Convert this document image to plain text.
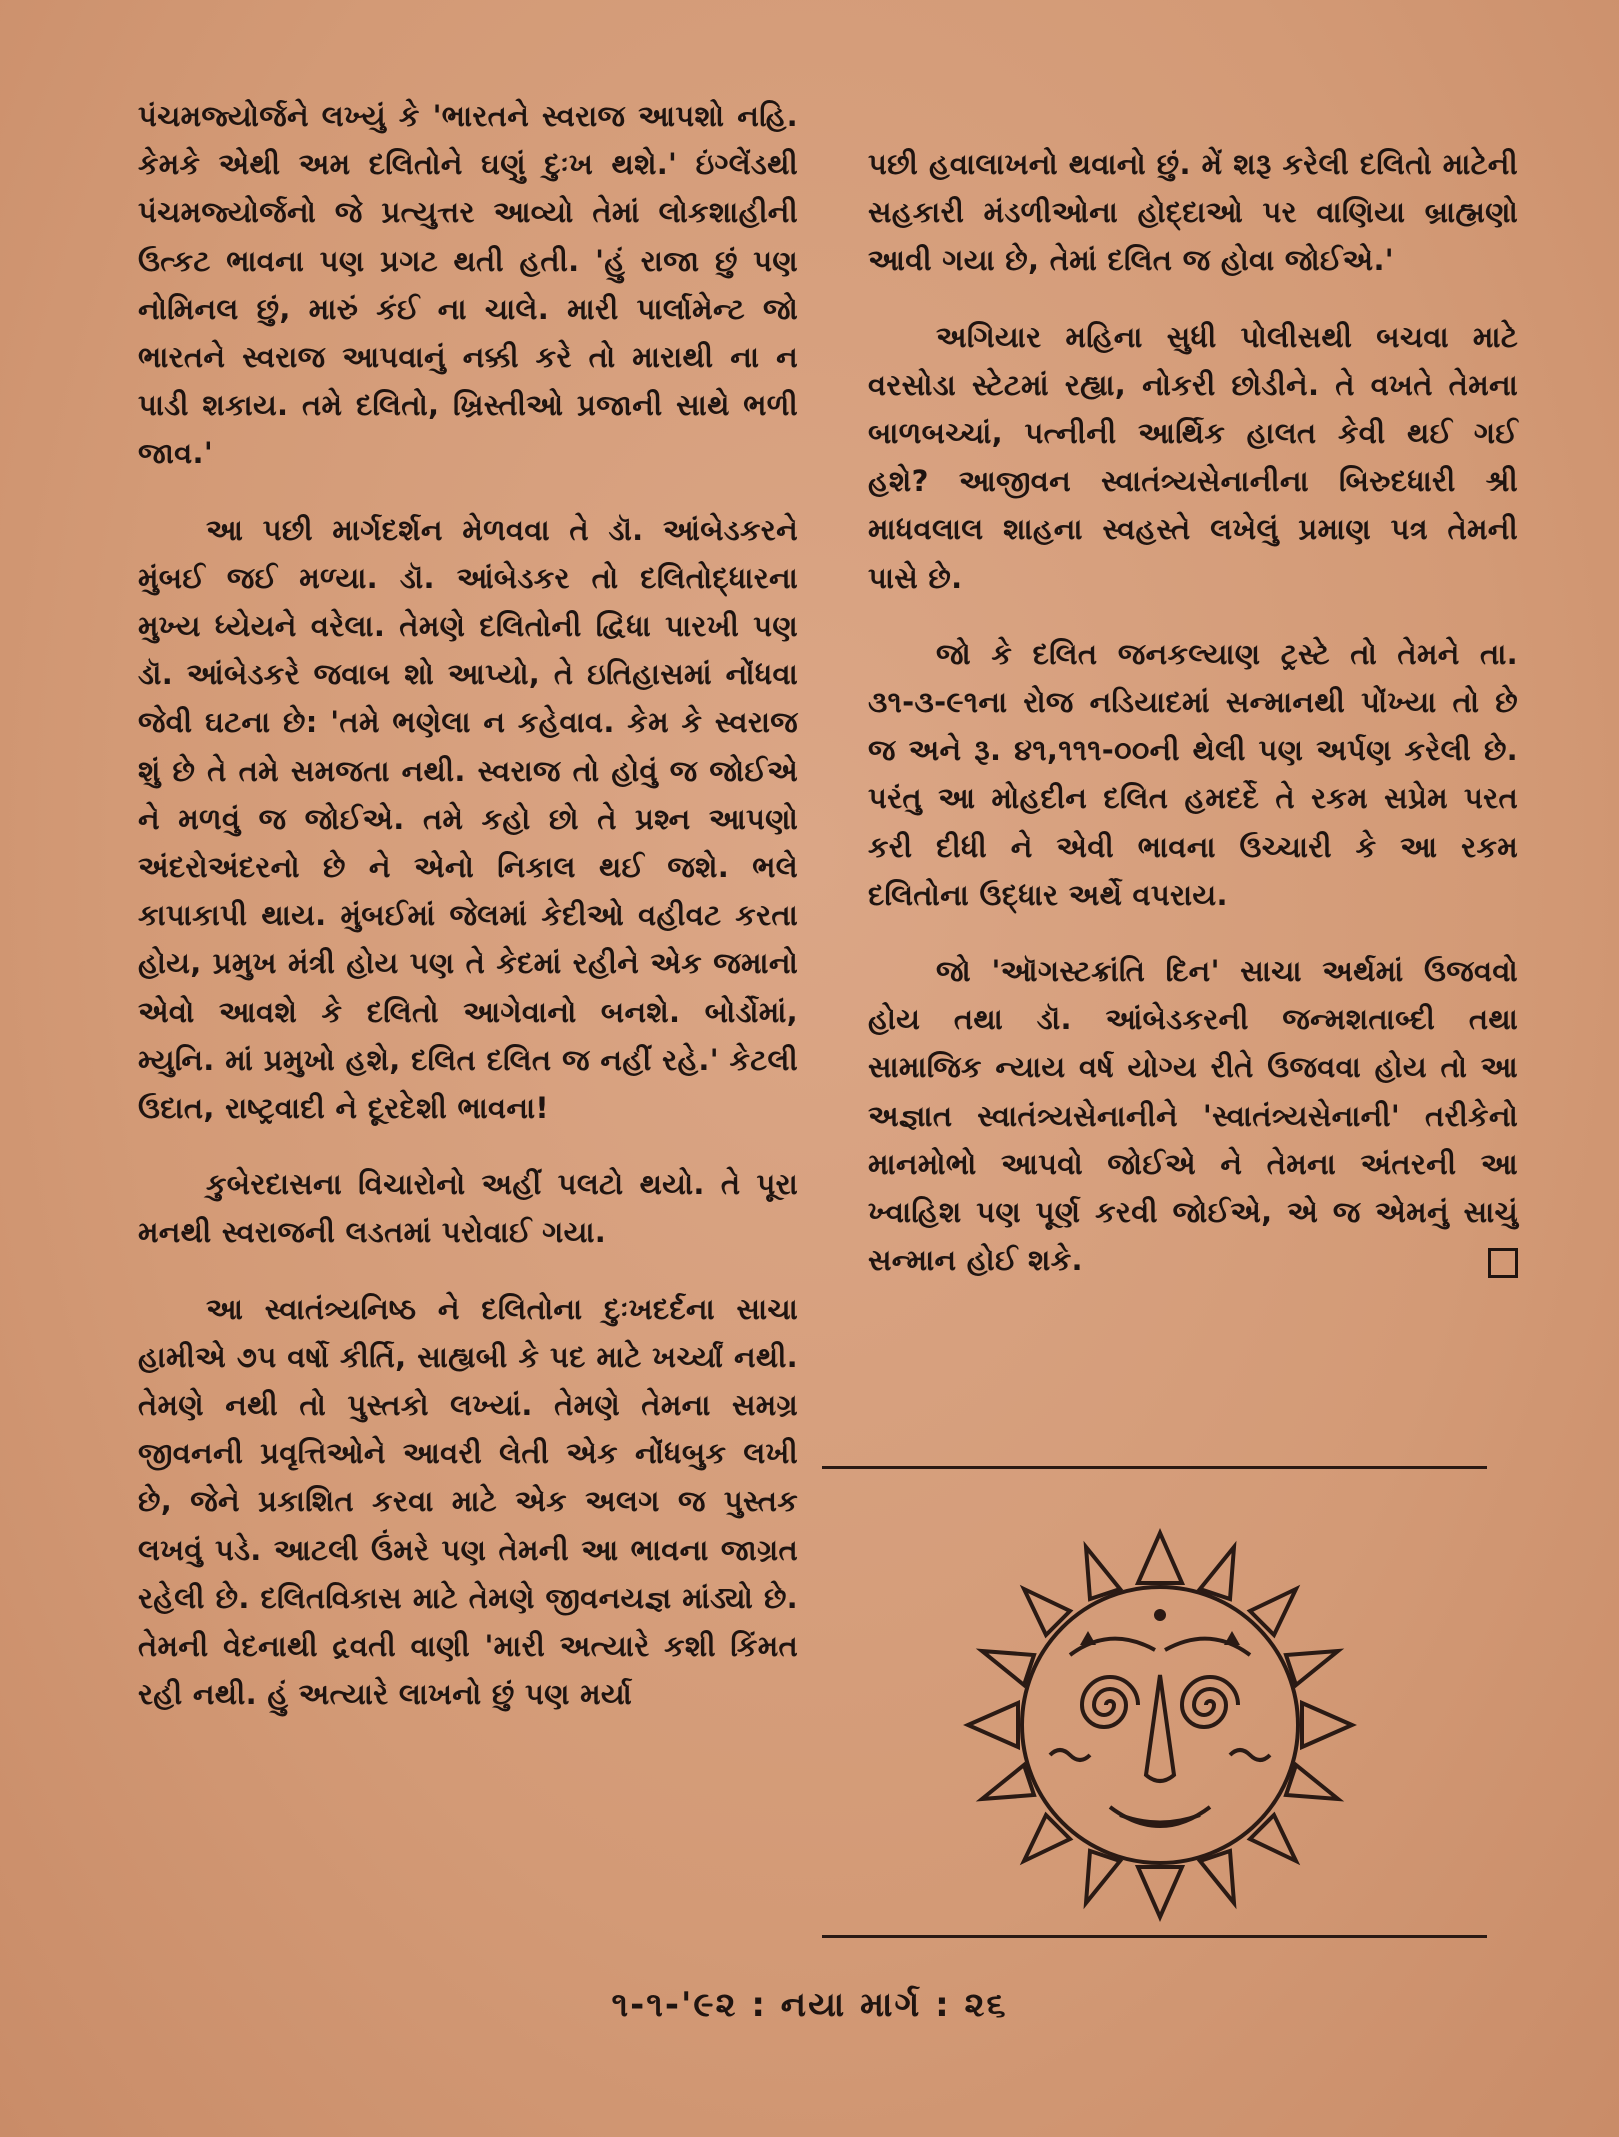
પંચમજ્યોર્જને લખ્યું કે 'ભારતને સ્વરાજ આપશો નહિ. કેમકે એથી અમ દલિતોને ઘણું દુઃખ થશે.' ઇંગ્લેંડથી પંચમજ્યોર્જનો જે પ્રત્યુત્તર આવ્યો તેમાં લોકશાહીની ઉત્કટ ભાવના પણ પ્રગટ થતી હતી. 'હું રાજા છું પણ નોમિનલ છું, મારું કંઈ ના ચાલે. મારી પાર્લામેન્ટ જો ભારતને સ્વરાજ આપવાનું નક્કી કરે તો મારાથી ના ન પાડી શકાય. તમે દલિતો, ખ્રિસ્તીઓ પ્રજાની સાથે ભળી જાવ.'

આ પછી માર્ગદર્શન મેળવવા તે ડૉ. આંબેડકરને મુંબઈ જઈ મળ્યા. ડૉ. આંબેડકર તો દલિતોદ્ધારના મુખ્ય ધ્યેયને વરેલા. તેમણે દલિતોની દ્વિધા પારખી પણ ડૉ. આંબેડકરે જવાબ શો આપ્યો, તે ઇતિહાસમાં નોંધવા જેવી ઘટના છે: 'તમે ભણેલા ન કહેવાવ. કેમ કે સ્વરાજ શું છે તે તમે સમજતા નથી. સ્વરાજ તો હોવું જ જોઈએ ને મળવું જ જોઈએ. તમે કહો છો તે પ્રશ્ન આપણો અંદરોઅંદરનો છે ને એનો નિકાલ થઈ જશે. ભલે કાપાકાપી થાય. મુંબઈમાં જેલમાં કેદીઓ વહીવટ કરતા હોય, પ્રમુખ મંત્રી હોય પણ તે કેદમાં રહીને એક જમાનો એવો આવશે કે દલિતો આગેવાનો બનશે. બોર્ડોમાં, મ્યુનિ. માં પ્રમુખો હશે, દલિત દલિત જ નહીં રહે.' કેટલી ઉદાત, રાષ્ટ્રવાદી ને દૂરદેશી ભાવના!

કુબેરદાસના વિચારોનો અહીં પલટો થયો. તે પૂરા મનથી સ્વરાજની લડતમાં પરોવાઈ ગયા.

આ સ્વાતંત્ર્યનિષ્ઠ ને દલિતોના દુઃખદર્દના સાચા હામીએ ૭૫ વર્ષો કીર્તિ, સાહ્યબી કે પદ માટે ખર્ચ્યાં નથી. તેમણે નથી તો પુસ્તકો લખ્યાં. તેમણે તેમના સમગ્ર જીવનની પ્રવૃત્તિઓને આવરી લેતી એક નોંધબુક લખી છે, જેને પ્રકાશિત કરવા માટે એક અલગ જ પુસ્તક લખવું પડે. આટલી ઉંમરે પણ તેમની આ ભાવના જાગ્રત રહેલી છે. દલિતવિકાસ માટે તેમણે જીવનયજ્ઞ માંડ્યો છે. તેમની વેદનાથી દ્રવતી વાણી 'મારી અત્યારે કશી કિંમત રહી નથી. હું અત્યારે લાખનો છું પણ મર્યા

પછી હવાલાખનો થવાનો છું. મેં શરૂ કરેલી દલિતો માટેની સહકારી મંડળીઓના હોદ્દાઓ પર વાણિયા બ્રાહ્મણો આવી ગયા છે, તેમાં દલિત જ હોવા જોઈએ.'

અગિયાર મહિના સુધી પોલીસથી બચવા માટે વરસોડા સ્ટેટમાં રહ્યા, નોકરી છોડીને. તે વખતે તેમના બાળબચ્ચાં, પત્નીની આર્થિક હાલત કેવી થઈ ગઈ હશે? આજીવન સ્વાતંત્ર્યસેનાનીના બિરુદધારી શ્રી માધવલાલ શાહના સ્વહસ્તે લખેલું પ્રમાણ પત્ર તેમની પાસે છે.

જો કે દલિત જનકલ્યાણ ટ્રસ્ટે તો તેમને તા. ૩૧-૩-૯૧ના રોજ નડિયાદમાં સન્માનથી પોંખ્યા તો છે જ અને રૂ. ૪૧,૧૧૧-૦૦ની થેલી પણ અર્પણ કરેલી છે. પરંતુ આ મોહદીન દલિત હમદર્દે તે રકમ સપ્રેમ પરત કરી દીધી ને એવી ભાવના ઉચ્ચારી કે આ રકમ દલિતોના ઉદ્ધાર અર્થે વપરાય.

જો 'ઑગસ્ટક્રાંતિ દિન' સાચા અર્થમાં ઉજવવો હોય તથા ડૉ. આંબેડકરની જન્મશતાબ્દી તથા સામાજિક ન્યાય વર્ષ યોગ્ય રીતે ઉજવવા હોય તો આ અજ્ઞાત સ્વાતંત્ર્યસેનાનીને 'સ્વાતંત્ર્યસેનાની' તરીકેનો માનમોભો આપવો જોઈએ ને તેમના અંતરની આ ખ્વાહિશ પણ પૂર્ણ કરવી જોઈએ, એ જ એમનું સાચું સન્માન હોઈ શકે.

૧-૧-'૯૨ : નયા માર્ગ : ૨૬
